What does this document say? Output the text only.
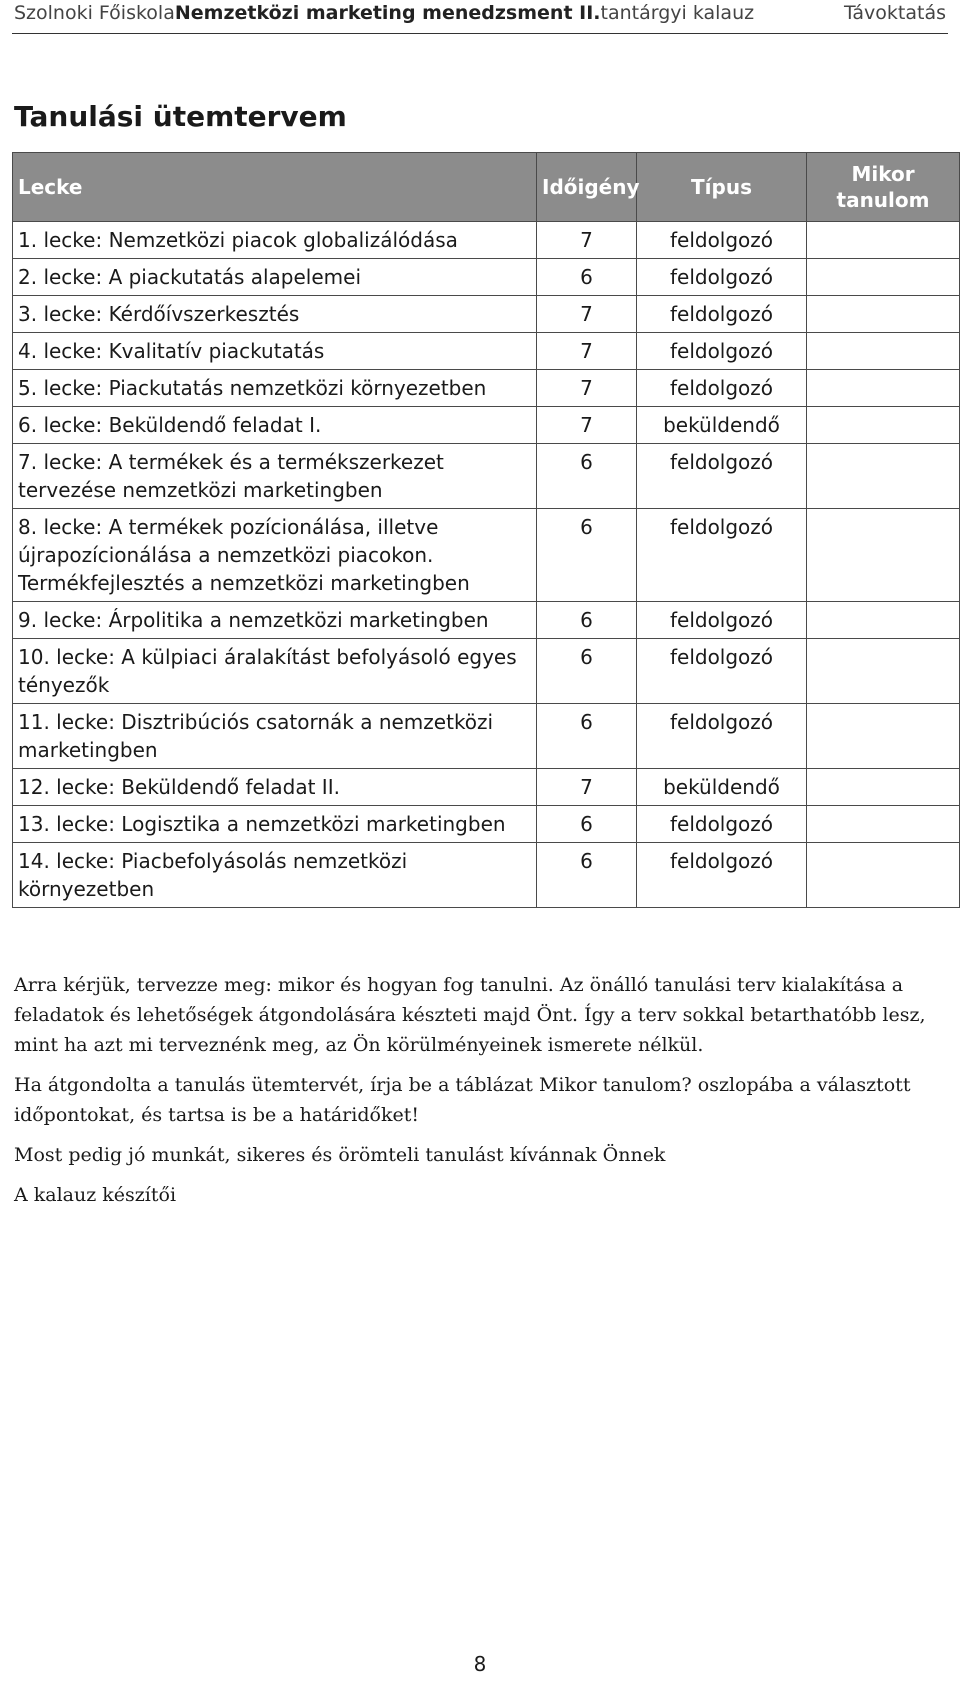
Szolnoki Főiskola Nemzetközi marketing menedzsment II. tantárgyi kalauz	Távoktatás
Tanulási ütemtervem
Lecke	Időigény	Típus	Mikor tanulom
1. lecke: Nemzetközi piacok globalizálódása	7	feldolgozó	
2. lecke: A piackutatás alapelemei	6	feldolgozó	
3. lecke: Kérdőívszerkesztés	7	feldolgozó	
4. lecke: Kvalitatív piackutatás	7	feldolgozó	
5. lecke: Piackutatás nemzetközi környezetben	7	feldolgozó	
6. lecke: Beküldendő feladat I.	7	beküldendő	
7. lecke: A termékek és a termékszerkezet tervezése nemzetközi marketingben	6	feldolgozó	
8. lecke: A termékek pozícionálása, illetve újrapozícionálása a nemzetközi piacokon. Termékfejlesztés a nemzetközi marketingben	6	feldolgozó	
9. lecke: Árpolitika a nemzetközi marketingben	6	feldolgozó	
10. lecke: A külpiaci áralakítást befolyásoló egyes tényezők	6	feldolgozó	
11. lecke: Disztribúciós csatornák a nemzetközi marketingben	6	feldolgozó	
12. lecke: Beküldendő feladat II.	7	beküldendő	
13. lecke: Logisztika a nemzetközi marketingben	6	feldolgozó	
14. lecke: Piacbefolyásolás nemzetközi környezetben	6	feldolgozó	

Arra kérjük, tervezze meg: mikor és hogyan fog tanulni. Az önálló tanulási terv kialakítása a feladatok és lehetőségek átgondolására készteti majd Önt. Így a terv sokkal betarthatóbb lesz, mint ha azt mi terveznénk meg, az Ön körülményeinek ismerete nélkül.

Ha átgondolta a tanulás ütemtervét, írja be a táblázat Mikor tanulom? oszlopába a választott időpontokat, és tartsa is be a határidőket!

Most pedig jó munkát, sikeres és örömteli tanulást kívánnak Önnek

A kalauz készítői

8
